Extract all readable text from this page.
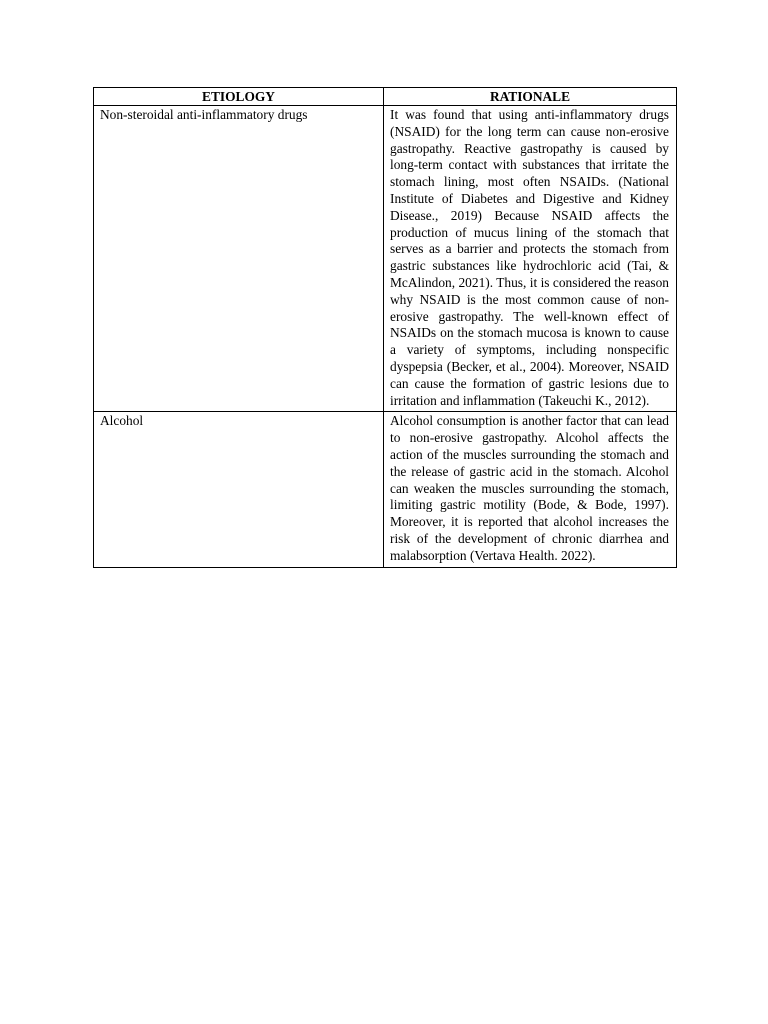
ETIOLOGY	RATIONALE
Non-steroidal anti-inflammatory drugs	It was found that using anti-inflammatory drugs (NSAID) for the long term can cause non-erosive gastropathy. Reactive gastropathy is caused by long-term contact with substances that irritate the stomach lining, most often NSAIDs. (National Institute of Diabetes and Digestive and Kidney Disease., 2019) Because NSAID affects the production of mucus lining of the stomach that serves as a barrier and protects the stomach from gastric substances like hydrochloric acid (Tai, & McAlindon, 2021). Thus, it is considered the reason why NSAID is the most common cause of non-erosive gastropathy. The well-known effect of NSAIDs on the stomach mucosa is known to cause a variety of symptoms, including nonspecific dyspepsia (Becker, et al., 2004). Moreover, NSAID can cause the formation of gastric lesions due to irritation and inflammation (Takeuchi K., 2012).
Alcohol	Alcohol consumption is another factor that can lead to non-erosive gastropathy. Alcohol affects the action of the muscles surrounding the stomach and the release of gastric acid in the stomach. Alcohol can weaken the muscles surrounding the stomach, limiting gastric motility (Bode, & Bode, 1997). Moreover, it is reported that alcohol increases the risk of the development of chronic diarrhea and malabsorption (Vertava Health. 2022).
